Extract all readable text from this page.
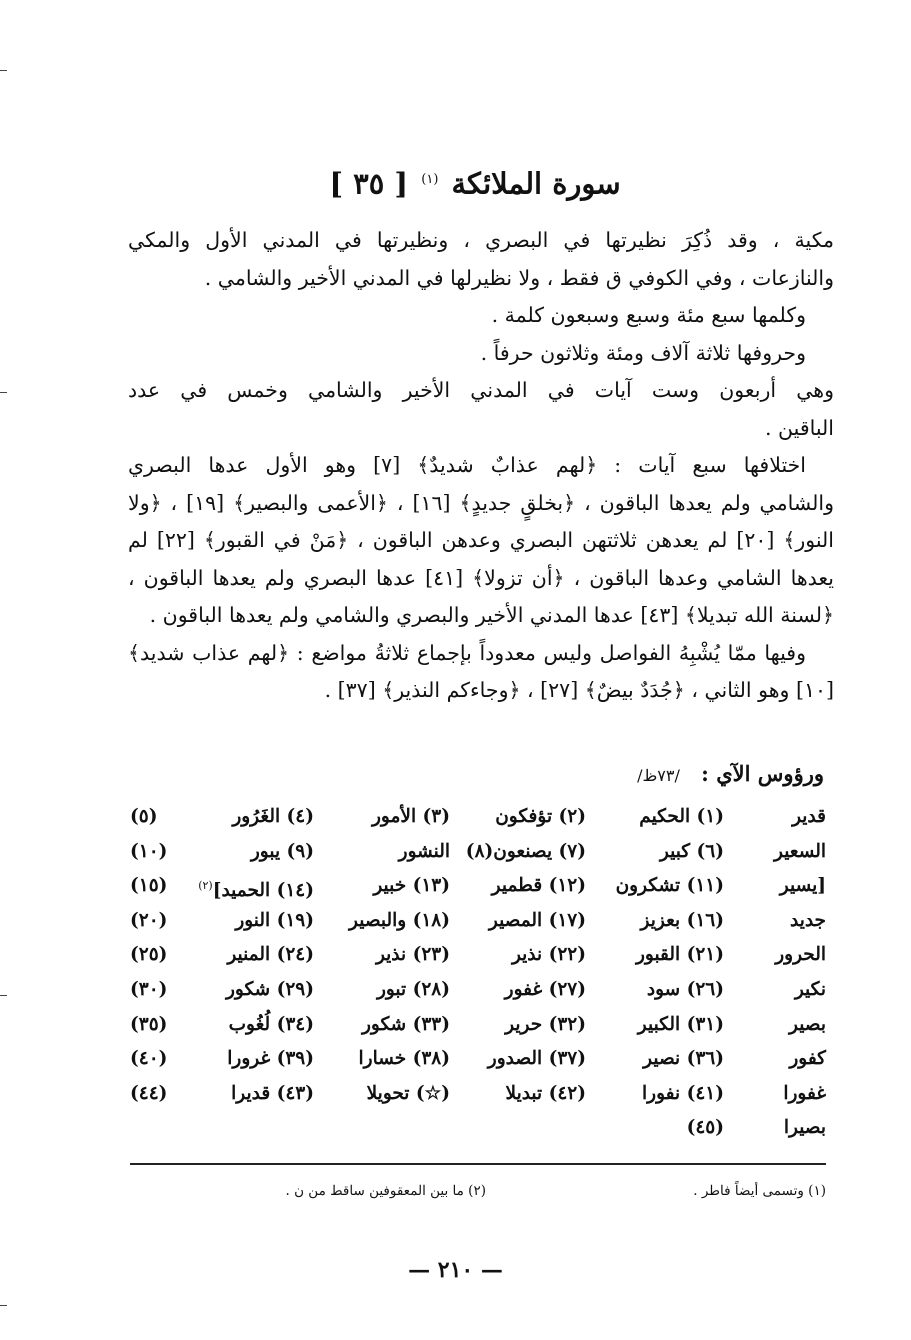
سورة الملائكة $^{(١)}$ [ ٣٥ ]
مكية ، وقد ذُكِرَ نظيرتها في البصري ، ونظيرتها في المدني الأول والمكي
والنازعات ، وفي الكوفي ق فقط ، ولا نظيرلها في المدني الأخير والشامي .
وكلمها سبع مئة وسبع وسبعون كلمة .
وحروفها ثلاثة آلاف ومئة وثلاثون حرفاً .
وهي أربعون وست آيات في المدني الأخير والشامي وخمس في عدد
الباقين .
اختلافها سبع آيات : ﴿لهم عذابٌ شديدٌ﴾ [٧] وهو الأول عدها البصري
والشامي ولم يعدها الباقون ، ﴿بخلقٍ جديدٍ﴾ [١٦] ، ﴿الأعمى والبصير﴾ [١٩] ، ﴿ولا
النور﴾ [٢٠] لم يعدهن ثلاثتهن البصري وعدهن الباقون ، ﴿مَنْ في القبور﴾ [٢٢] لم
يعدها الشامي وعدها الباقون ، ﴿أن تزولا﴾ [٤١] عدها البصري ولم يعدها الباقون ،
﴿لسنة الله تبديلا﴾ [٤٣] عدها المدني الأخير والبصري والشامي ولم يعدها الباقون .
وفيها ممّا يُشْبِهُ الفواصل وليس معدوداً بإجماع ثلاثةُ مواضع : ﴿لهم عذاب شديد﴾
[١٠] وهو الثاني ، ﴿جُدَدٌ بيضٌ﴾ [٢٧] ، ﴿وجاءكم النذير﴾ [٣٧] .
ورؤوس الآي : /٧٣ظ/
قدير
(١) الحكيم
(٢) تؤفكون
(٣) الأمور
(٤) الغَرُور
(٥)
السعير
(٦) كبير
(٧) يصنعون(٨)
النشور
(٩) يبور
(١٠)
[يسير
(١١) تشكرون
(١٢) قطمير
(١٣) خبير
(١٤) الحميد]$^{(٢)}$
(١٥)
جديد
(١٦) بعزيز
(١٧) المصير
(١٨) والبصير
(١٩) النور
(٢٠)
الحرور
(٢١) القبور
(٢٢) نذير
(٢٣) نذير
(٢٤) المنير
(٢٥)
نكير
(٢٦) سود
(٢٧) غفور
(٢٨) تبور
(٢٩) شكور
(٣٠)
بصير
(٣١) الكبير
(٣٢) حرير
(٣٣) شكور
(٣٤) لُغُوب
(٣٥)
كفور
(٣٦) نصير
(٣٧) الصدور
(٣٨) خسارا
(٣٩) غرورا
(٤٠)
غفورا
(٤١) نفورا
(٤٢) تبديلا
(☆) تحويلا
(٤٣) قديرا
(٤٤)
بصيرا
(٤٥)
(١) وتسمى أيضاً فاطر .
(٢) ما بين المعقوفين ساقط من ن .
— ٢١٠ —
